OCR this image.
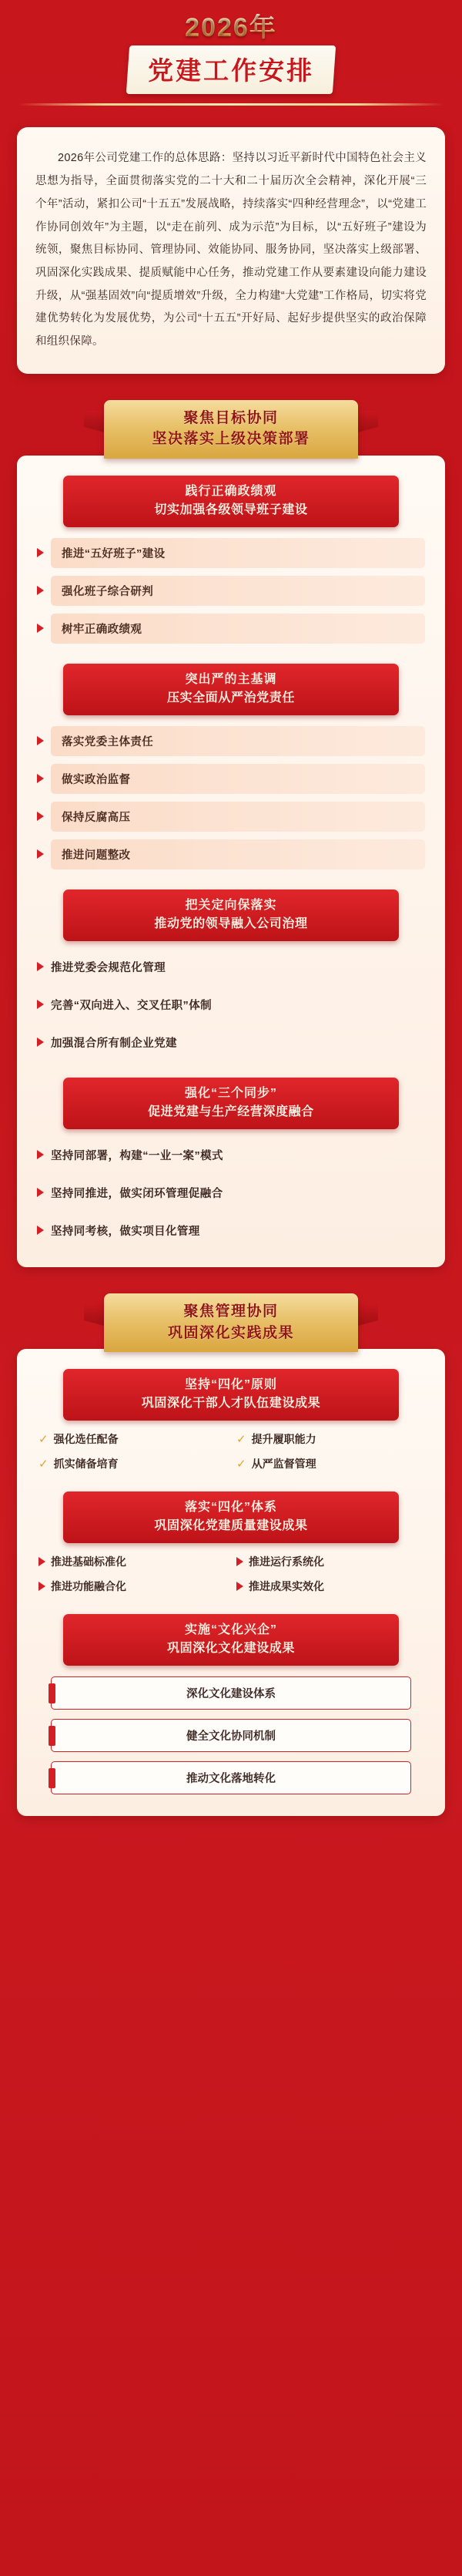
2026年
党建工作安排
2026年公司党建工作的总体思路：坚持以习近平新时代中国特色社会主义思想为指导，全面贯彻落实党的二十大和二十届历次全会精神，深化开展“三个年”活动，紧扣公司“十五五”发展战略，持续落实“四种经营理念”，以“党建工作协同创效年”为主题，以“走在前列、成为示范”为目标，以“五好班子”建设为统领，聚焦目标协同、管理协同、效能协同、服务协同，坚决落实上级部署、巩固深化实践成果、提质赋能中心任务，推动党建工作从要素建设向能力建设升级，从“强基固效”向“提质增效”升级，全力构建“大党建”工作格局，切实将党建优势转化为发展优势，为公司“十五五”开好局、起好步提供坚实的政治保障和组织保障。
聚焦目标协同
坚决落实上级决策部署
践行正确政绩观
切实加强各级领导班子建设
推进“五好班子”建设
强化班子综合研判
树牢正确政绩观
突出严的主基调
压实全面从严治党责任
落实党委主体责任
做实政治监督
保持反腐高压
推进问题整改
把关定向保落实
推动党的领导融入公司治理
推进党委会规范化管理
完善“双向进入、交叉任职”体制
加强混合所有制企业党建
强化“三个同步”
促进党建与生产经营深度融合
坚持同部署，构建“一业一案”模式
坚持同推进，做实闭环管理促融合
坚持同考核，做实项目化管理
聚焦管理协同
巩固深化实践成果
坚持“四化”原则
巩固深化干部人才队伍建设成果
✓ 强化选任配备	✓ 提升履职能力
✓ 抓实储备培育	✓ 从严监督管理
落实“四化”体系
巩固深化党建质量建设成果
推进基础标准化	推进运行系统化
推进功能融合化	推进成果实效化
实施“文化兴企”
巩固深化文化建设成果
深化文化建设体系
健全文化协同机制
推动文化落地转化
